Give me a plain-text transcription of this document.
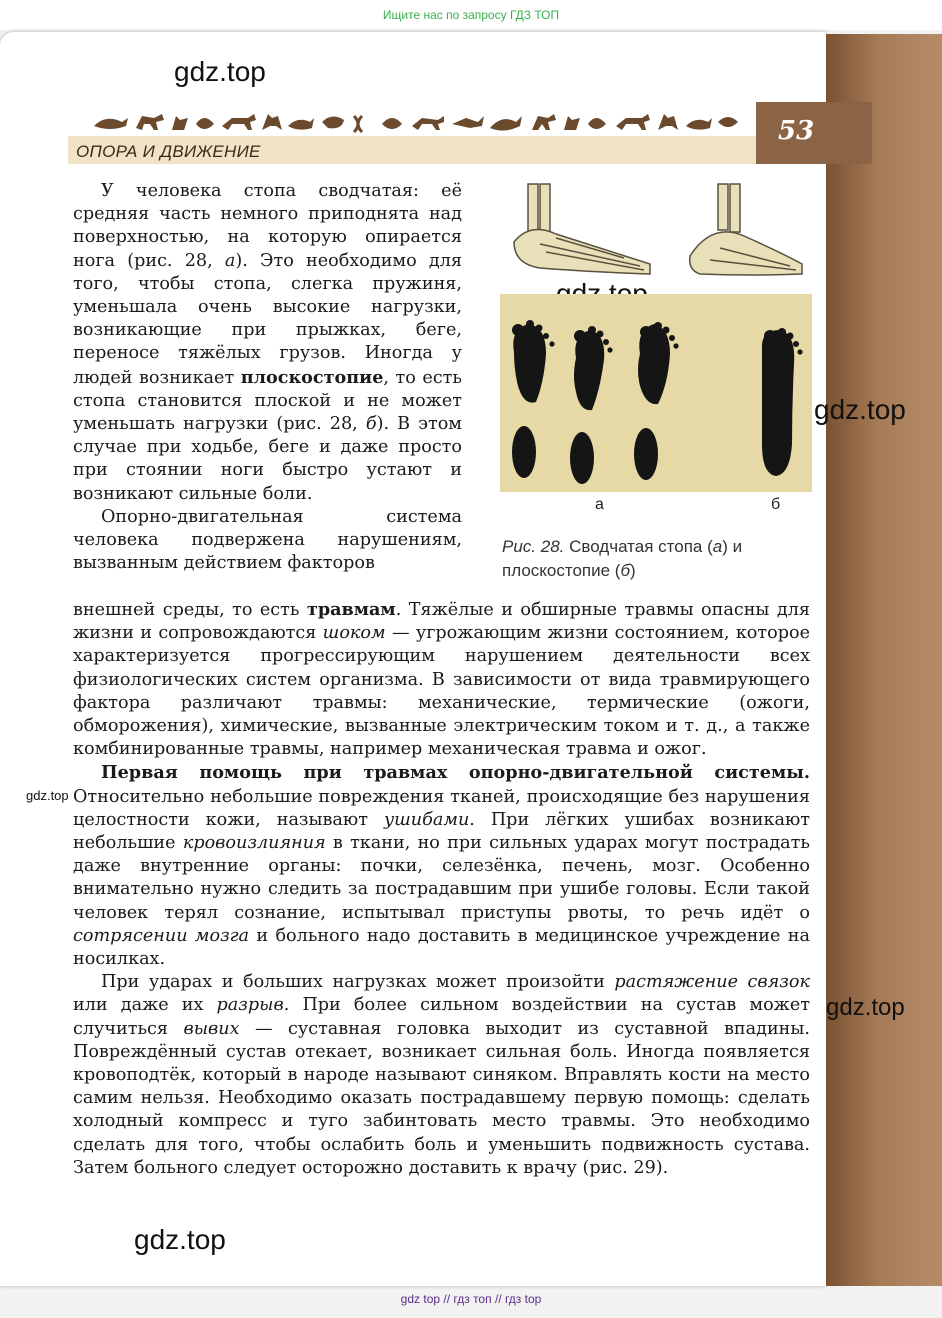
Ищите нас по запросу ГДЗ ТОП
53
ОПОРА И ДВИЖЕНИЕ
gdz.top
gdz.top
gdz.top
gdz.top
gdz.top
а	б
Рис. 28. Сводчатая стопа (а) и плоскостопие (б)

У человека стопа сводчатая: её средняя часть немного приподнята над поверхностью, на которую опирается нога (рис. 28, а). Это необходимо для того, чтобы стопа, слегка пружиня, уменьшала очень высокие нагрузки, возникающие при прыжках, беге, переносе тяжёлых грузов. Иногда у людей возникает плоскостопие, то есть стопа становится плоской и не может уменьшать нагрузки (рис. 28, б). В этом случае при ходьбе, беге и даже просто при стоянии ноги быстро устают и возникают сильные боли.

Опорно-двигательная система человека подвержена нарушениям, вызванным действием факторов

внешней среды, то есть травмам. Тяжёлые и обширные травмы опасны для жизни и сопровождаются шоком — угрожающим жизни состоянием, которое характеризуется прогрессирующим нарушением деятельности всех физиологических систем организма. В зависимости от вида травмирующего фактора различают травмы: механические, термические (ожоги, обморожения), химические, вызванные электрическим током и т. д., а также комбинированные травмы, например механическая травма и ожог.

Первая помощь при травмах опорно-двигательной системы. Относительно небольшие повреждения тканей, происходящие без нарушения целостности кожи, называют ушибами. При лёгких ушибах возникают небольшие кровоизлияния в ткани, но при сильных ударах могут пострадать даже внутренние органы: почки, селезёнка, печень, мозг. Особенно внимательно нужно следить за пострадавшим при ушибе головы. Если такой человек терял сознание, испытывал приступы рвоты, то речь идёт о сотрясении мозга и больного надо доставить в медицинское учреждение на носилках.

При ударах и больших нагрузках может произойти растяжение связок или даже их разрыв. При более сильном воздействии на сустав может случиться вывих — суставная головка выходит из суставной впадины. Повреждённый сустав отекает, возникает сильная боль. Иногда появляется кровоподтёк, который в народе называют синяком. Вправлять кости на место самим нельзя. Необходимо оказать пострадавшему первую помощь: сделать холодный компресс и туго забинтовать место травмы. Это необходимо сделать для того, чтобы ослабить боль и уменьшить подвижность сустава. Затем больного следует осторожно доставить к врачу (рис. 29).

gdz top // гдз топ // гдз top
